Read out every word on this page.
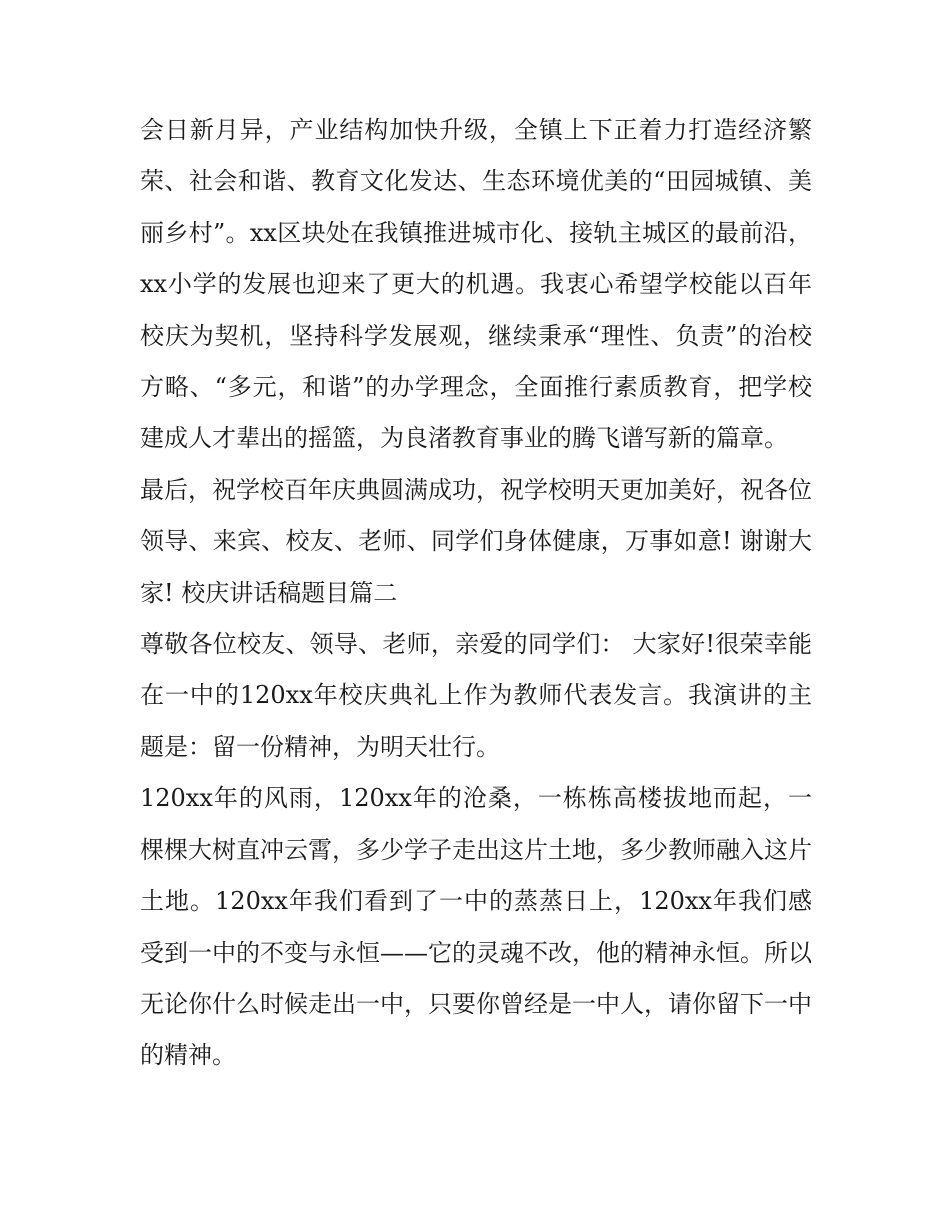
会日新月异，产业结构加快升级，全镇上下正着力打造经济繁荣、社会和谐、教育文化发达、生态环境优美的“田园城镇、美丽乡村”。xx区块处在我镇推进城市化、接轨主城区的最前沿，xx小学的发展也迎来了更大的机遇。我衷心希望学校能以百年校庆为契机，坚持科学发展观，继续秉承“理性、负责”的治校方略、“多元，和谐”的办学理念，全面推行素质教育，把学校建成人才辈出的摇篮，为良渚教育事业的腾飞谱写新的篇章。

最后，祝学校百年庆典圆满成功，祝学校明天更加美好，祝各位领导、来宾、校友、老师、同学们身体健康，万事如意! 谢谢大家! 校庆讲话稿题目篇二

尊敬各位校友、领导、老师，亲爱的同学们： 大家好!很荣幸能在一中的120xx年校庆典礼上作为教师代表发言。我演讲的主题是：留一份精神，为明天壮行。

120xx年的风雨，120xx年的沧桑，一栋栋高楼拔地而起，一棵棵大树直冲云霄，多少学子走出这片土地，多少教师融入这片土地。120xx年我们看到了一中的蒸蒸日上，120xx年我们感受到一中的不变与永恒——它的灵魂不改，他的精神永恒。所以无论你什么时候走出一中，只要你曾经是一中人，请你留下一中的精神。
